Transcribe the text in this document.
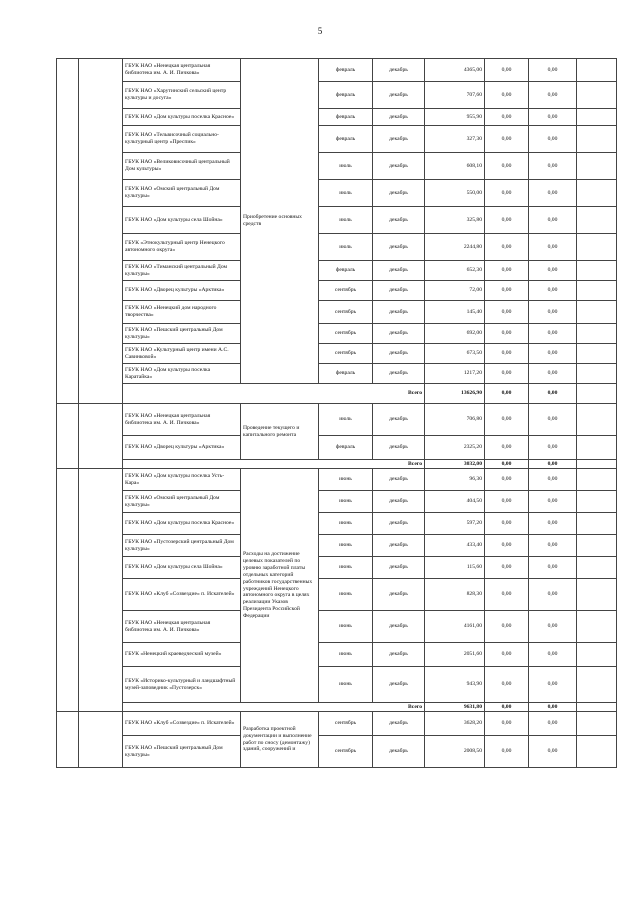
5
		ГБУК НАО «Ненецкая центральная библиотека им. А. И. Пичкова»	Приобретение основных средств	февраль	декабрь	4365,00	0,00	0,00	
		ГБУК НАО «Харутинский сельский центр культуры и досуга»		февраль	декабрь	707,60	0,00	0,00	
		ГБУК НАО «Дом культуры поселка Красное»		февраль	декабрь	955,90	0,00	0,00	
		ГБУК НАО «Тельвисочный социально-культурный центр «Преспик»		февраль	декабрь	327,30	0,00	0,00	
		ГБУК НАО «Великовисочный центральный Дом культуры»		июль	декабрь	608,10	0,00	0,00	
		ГБУК НАО «Омский центральный Дом культуры»		июль	декабрь	550,00	0,00	0,00	
		ГБУК НАО «Дом культуры села Шойна»		июль	декабрь	325,80	0,00	0,00	
		ГБУК «Этнокультурный центр Ненецкого автономного округа»		июль	декабрь	2244,80	0,00	0,00	
		ГБУК НАО «Тиманский центральный Дом культуры»		февраль	декабрь	652,30	0,00	0,00	
		ГБУК НАО «Дворец культуры «Арктика»		сентябрь	декабрь	72,00	0,00	0,00	
		ГБУК НАО «Ненецкий дом народного творчества»		сентябрь	декабрь	145,40	0,00	0,00	
		ГБУК НАО «Пешский центральный Дом культуры»		сентябрь	декабрь	692,00	0,00	0,00	
		ГБУК НАО «Культурный центр имени А.С. Савинковой»		сентябрь	декабрь	673,50	0,00	0,00	
		ГБУК НАО «Дом культуры поселка Каратайка»		февраль	декабрь	1217,20	0,00	0,00	
		Всего				13626,90	0,00	0,00	
		ГБУК НАО «Ненецкая центральная библиотека им. А. И. Пичкова»	Проведение текущего и капитального ремонта	июль	декабрь	706,80	0,00	0,00	
		ГБУК НАО «Дворец культуры «Арктика»		февраль	декабрь	2325,20	0,00	0,00	
		Всего				3032,00	0,00	0,00	
		ГБУК НАО «Дом культуры поселка Усть-Кара»	Расходы на достижение целевых показателей по уровню заработной платы отдельных категорий работников государственных учреждений Ненецкого автономного округа в целях реализации Указов Президента Российской Федерации	июнь	декабрь	96,30	0,00	0,00	
		ГБУК НАО «Омский центральный Дом культуры»		июнь	декабрь	404,50	0,00	0,00	
		ГБУК НАО «Дом культуры поселка Красное»		июнь	декабрь	597,20	0,00	0,00	
		ГБУК НАО «Пустозерский центральный Дом культуры»		июнь	декабрь	433,40	0,00	0,00	
		ГБУК НАО «Дом культуры села Шойна»		июнь	декабрь	115,60	0,00	0,00	
		ГБУК НАО «Клуб «Созвездие» п. Искателей»		июнь	декабрь	828,30	0,00	0,00	
		ГБУК НАО «Ненецкая центральная библиотека им. А. И. Пичкова»		июнь	декабрь	4161,00	0,00	0,00	
		ГБУК «Ненецкий краеведческий музей»		июнь	декабрь	2051,60	0,00	0,00	
		ГБУК «Историко-культурный и ландшафтный музей-заповедник «Пустозерск»		июнь	декабрь	943,90	0,00	0,00	
		Всего				9631,80	0,00	0,00	
		ГБУК НАО «Клуб «Созвездие» п. Искателей»	Разработка проектной документации и выполнение работ по сносу (демонтажу) зданий, сооружений и	сентябрь	декабрь	3628,20	0,00	0,00	
		ГБУК НАО «Пешский центральный Дом культуры»		сентябрь	декабрь	2008,50	0,00	0,00	
